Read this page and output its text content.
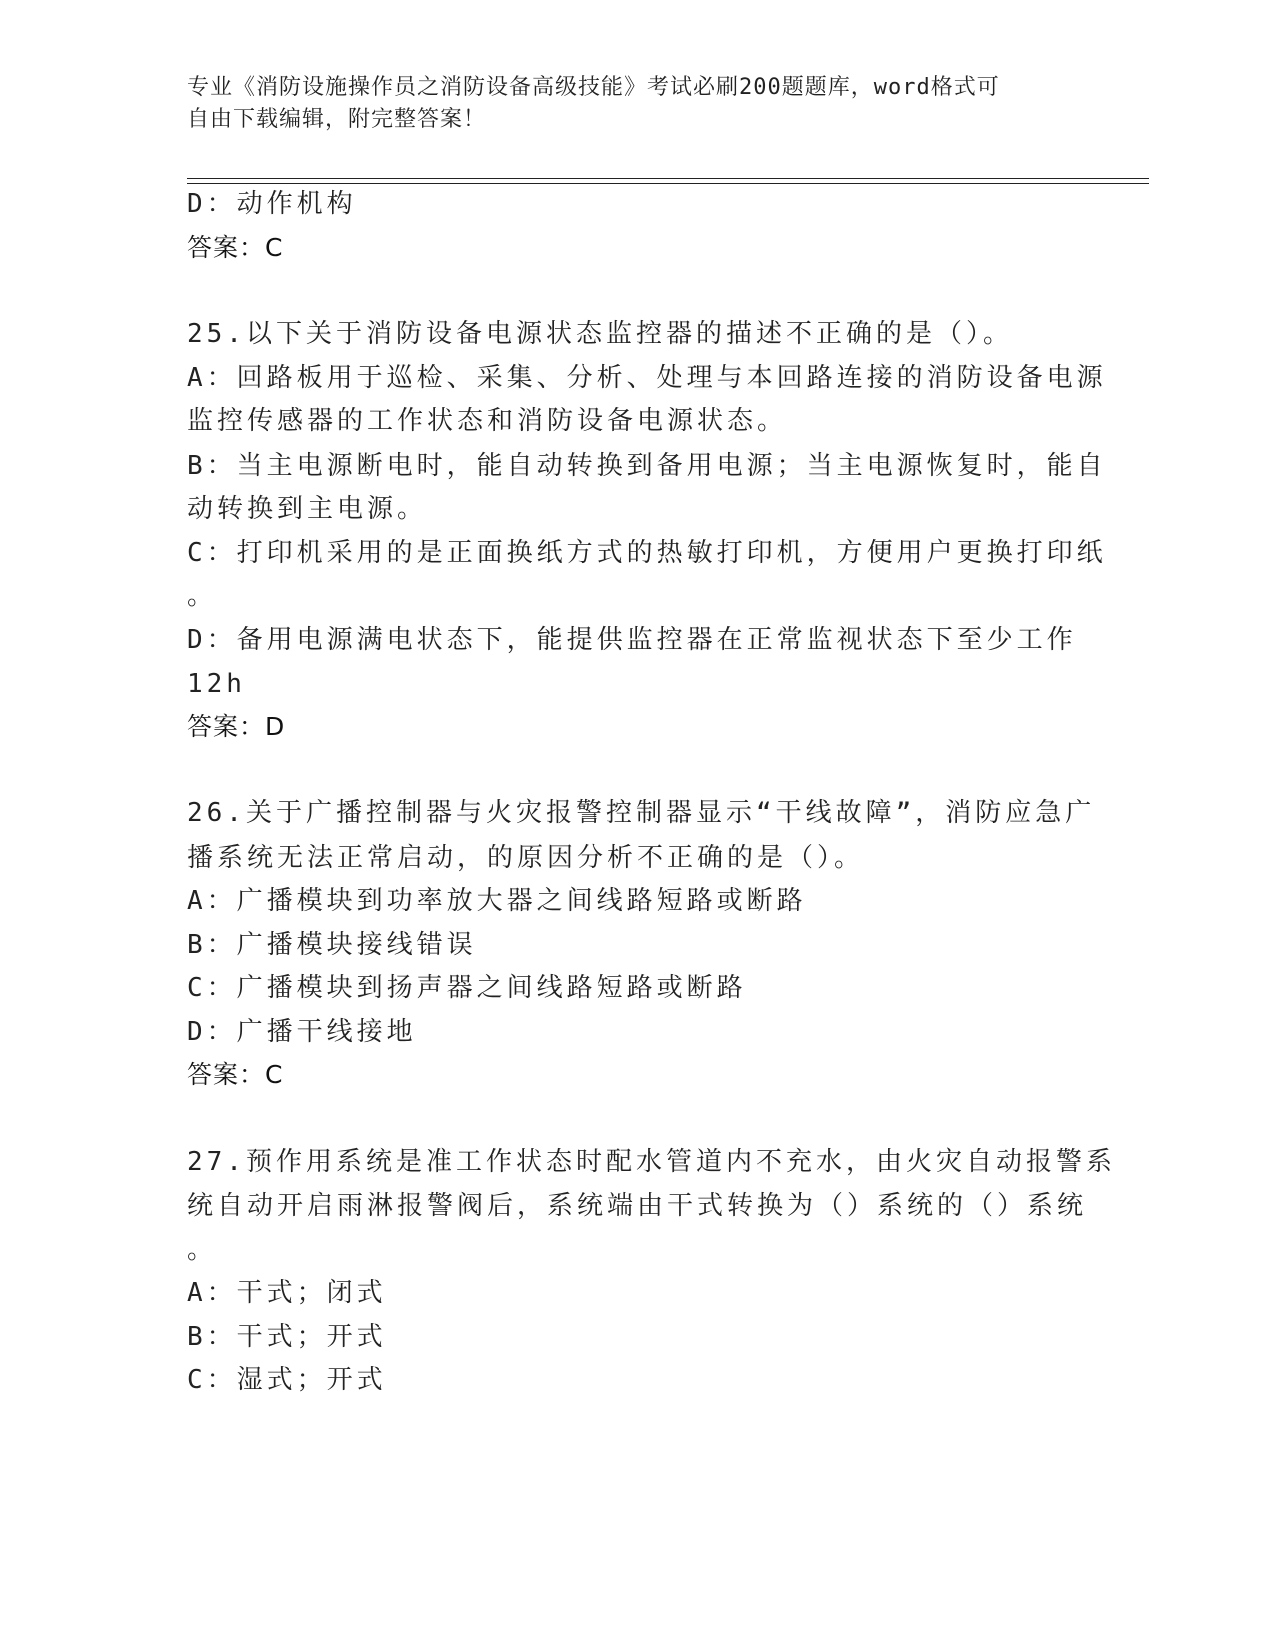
专业《消防设施操作员之消防设备高级技能》考试必刷200题题库，word格式可
自由下载编辑，附完整答案！
D：动作机构
答案：C
25.以下关于消防设备电源状态监控器的描述不正确的是（）。
A：回路板用于巡检、采集、分析、处理与本回路连接的消防设备电源
监控传感器的工作状态和消防设备电源状态。
B：当主电源断电时，能自动转换到备用电源；当主电源恢复时，能自
动转换到主电源。
C：打印机采用的是正面换纸方式的热敏打印机，方便用户更换打印纸
。
D：备用电源满电状态下，能提供监控器在正常监视状态下至少工作
12h
答案：D
26.关于广播控制器与火灾报警控制器显示“干线故障”，消防应急广
播系统无法正常启动，的原因分析不正确的是（）。
A：广播模块到功率放大器之间线路短路或断路
B：广播模块接线错误
C：广播模块到扬声器之间线路短路或断路
D：广播干线接地
答案：C
27.预作用系统是准工作状态时配水管道内不充水，由火灾自动报警系
统自动开启雨淋报警阀后，系统端由干式转换为（）系统的（）系统
。
A：干式；闭式
B：干式；开式
C：湿式；开式
